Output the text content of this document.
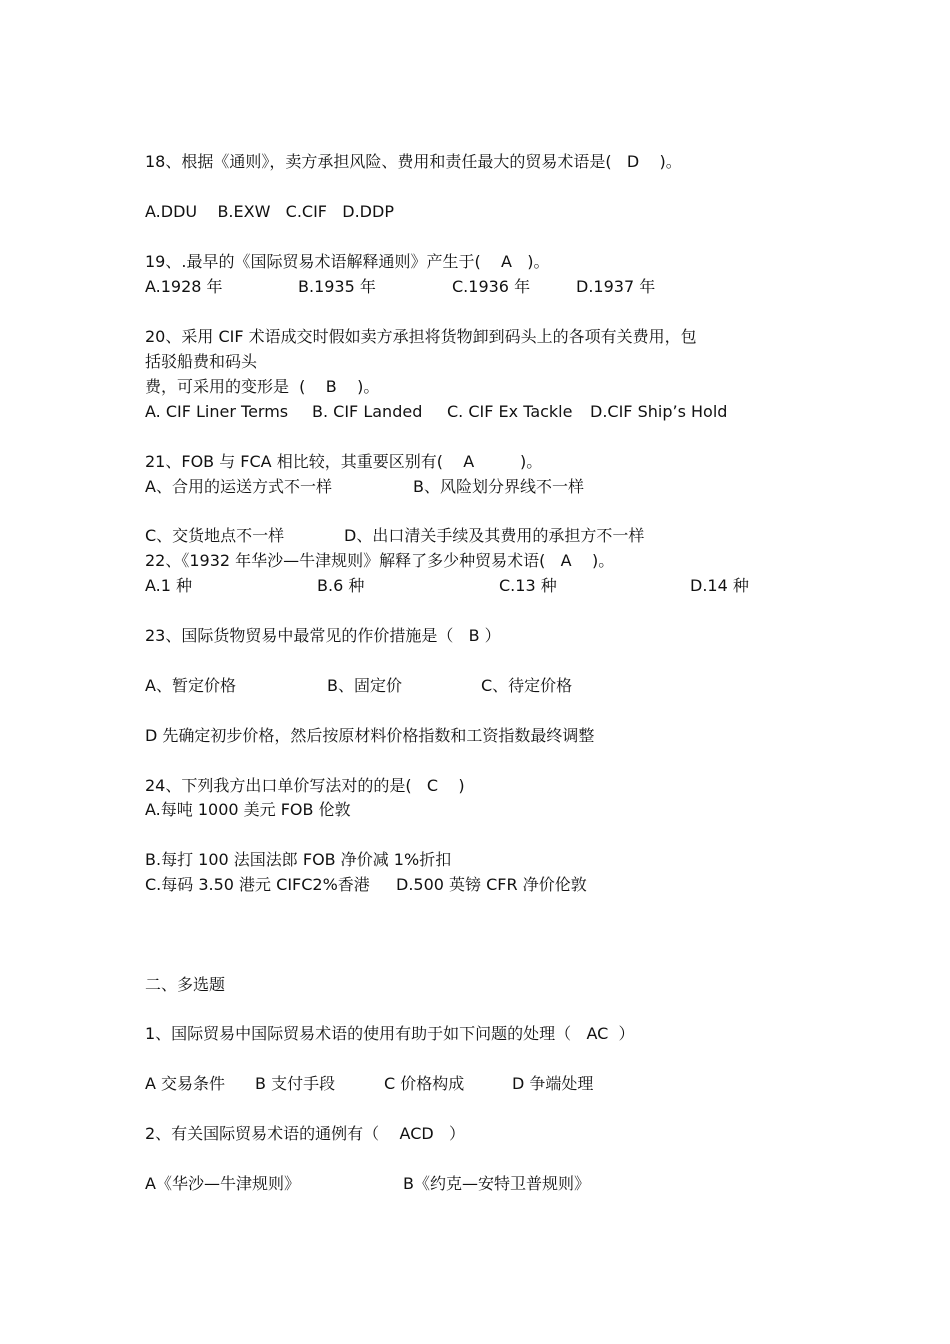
18、根据《通则》，卖方承担风险、费用和责任最大的贸易术语是(   D    )。
A.DDU    B.EXW   C.CIF   D.DDP
19、.最早的《国际贸易术语解释通则》产生于(    A   )。

A.1928 年

	B.1935 年

	C.1936 年

	D.1937 年

20、采用 CIF 术语成交时假如卖方承担将货物卸到码头上的各项有关费用，包
括驳船费和码头
费，可采用的变形是  (    B    )。

A. CIF Liner Terms

B. CIF Landed

C. CIF Ex Tackle

D.CIF Ship’s Hold

21、FOB 与 FCA 相比较，其重要区别有(    A         )。

A、合用的运送方式不一样

	B、风险划分界线不一样

C、交货地点不一样

	D、出口清关手续及其费用的承担方不一样

22、《1932 年华沙—牛津规则》解释了多少种贸易术语(   A    )。

A.1 种

	B.6 种

	C.13 种

	D.14 种

23、国际货物贸易中最常见的作价措施是（   B ）

A、暂定价格

	B、固定价

	C、待定价格

D 先确定初步价格，然后按原材料价格指数和工资指数最终调整
24、下列我方出口单价写法对的的是(   C    )
A.每吨 1000 美元 FOB 伦敦
B.每打 100 法国法郎 FOB 净价减 1%折扣

C.每码 3.50 港元 CIFC2%香港

D.500 英镑 CFR 净价伦敦

二、多选题
1、国际贸易中国际贸易术语的使用有助于如下问题的处理（   AC  ）

A 交易条件

B 支付手段

	C 价格构成

	D 争端处理

2、有关国际贸易术语的通例有（    ACD   ）

A《华沙—牛津规则》

	B《约克—安特卫普规则》
